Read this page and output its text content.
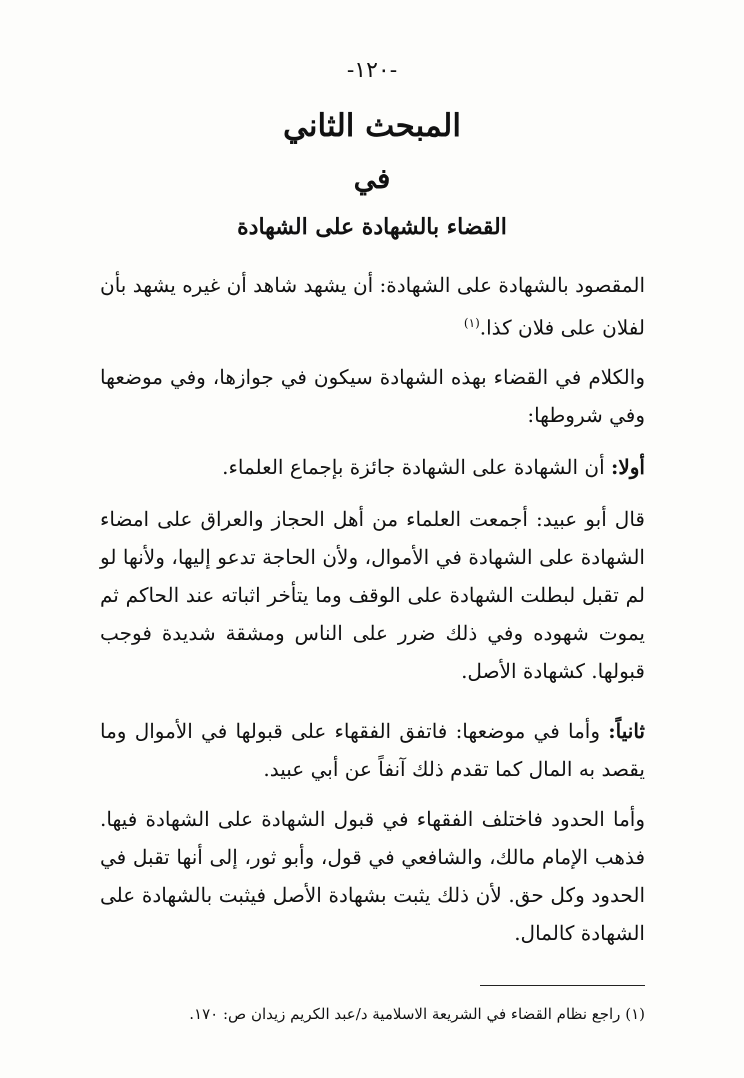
-١٢٠-
المبحث الثاني
في
القضاء بالشهادة على الشهادة
المقصود بالشهادة على الشهادة: أن يشهد شاهد أن غيره يشهد بأن لفلان على فلان كذا.$^{(١)}$
والكلام في القضاء بهذه الشهادة سيكون في جوازها، وفي موضعها وفي شروطها:
أولا: أن الشهادة على الشهادة جائزة بإجماع العلماء.
قال أبو عبيد: أجمعت العلماء من أهل الحجاز والعراق على امضاء الشهادة على الشهادة في الأموال، ولأن الحاجة تدعو إليها، ولأنها لو لم تقبل لبطلت الشهادة على الوقف وما يتأخر اثباته عند الحاكم ثم يموت شهوده وفي ذلك ضرر على الناس ومشقة شديدة فوجب قبولها. كشهادة الأصل.
ثانياً: وأما في موضعها: فاتفق الفقهاء على قبولها في الأموال وما يقصد به المال كما تقدم ذلك آنفاً عن أبي عبيد.
وأما الحدود فاختلف الفقهاء في قبول الشهادة على الشهادة فيها. فذهب الإمام مالك، والشافعي في قول، وأبو ثور، إلى أنها تقبل في الحدود وكل حق. لأن ذلك يثبت بشهادة الأصل فيثبت بالشهادة على الشهادة كالمال.
(١) راجع نظام القضاء في الشريعة الاسلامية د/عبد الكريم زيدان ص: ١٧٠.
